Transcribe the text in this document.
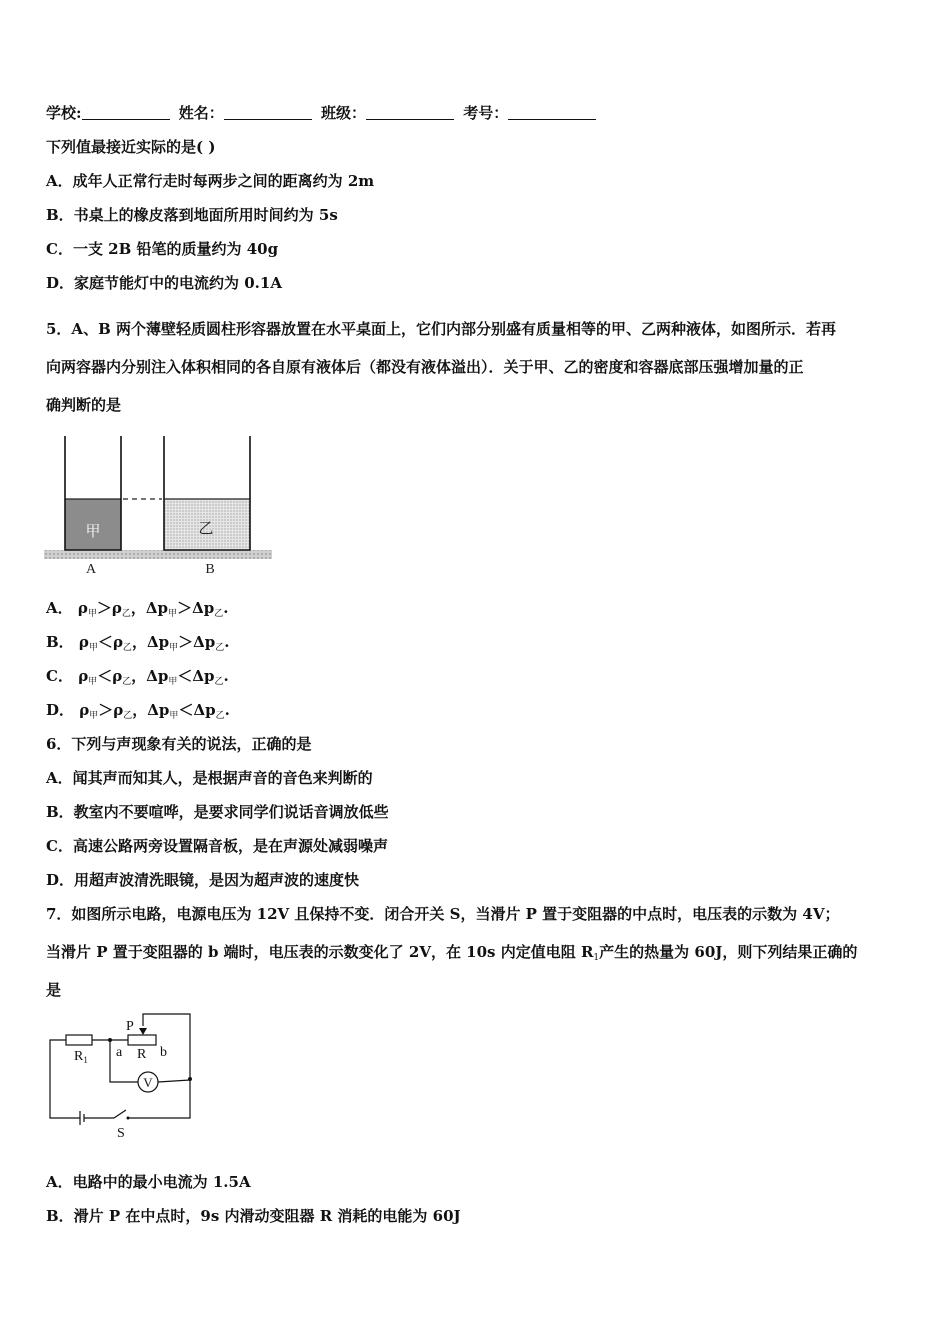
学校:	姓名：	班级：	考号：
下列值最接近实际的是( )
A．成年人正常行走时每两步之间的距离约为 2m
B．书桌上的橡皮落到地面所用时间约为 5s
C．一支 2B 铅笔的质量约为 40g
D．家庭节能灯中的电流约为 0.1A
5．A、B 两个薄壁轻质圆柱形容器放置在水平桌面上，它们内部分别盛有质量相等的甲、乙两种液体，如图所示．若再
向两容器内分别注入体积相同的各自原有液体后（都没有液体溢出）．关于甲、乙的密度和容器底部压强增加量的正
确判断的是
甲	乙
A	B
A． $\rho_甲>\rho_乙$，$\Delta p_甲>\Delta p_乙$.
B． $\rho_甲<\rho_乙$，$\Delta p_甲>\Delta p_乙$.
C． $\rho_甲<\rho_乙$，$\Delta p_甲<\Delta p_乙$.
D． $\rho_甲>\rho_乙$，$\Delta p_甲<\Delta p_乙$.
6．下列与声现象有关的说法，正确的是
A．闻其声而知其人，是根据声音的音色来判断的
B．教室内不要喧哗，是要求同学们说话音调放低些
C．高速公路两旁设置隔音板，是在声源处减弱噪声
D．用超声波清洗眼镜，是因为超声波的速度快
7．如图所示电路，电源电压为 12V 且保持不变．闭合开关 S，当滑片 P 置于变阻器的中点时，电压表的示数为 4V；
当滑片 P 置于变阻器的 b 端时，电压表的示数变化了 2V，在 10s 内定值电阻 $R_1$产生的热量为 60J，则下列结果正确的
是
$R_1$ a R b
P
V
S
A．电路中的最小电流为 1.5A
B．滑片 P 在中点时，9s 内滑动变阻器 R 消耗的电能为 60J
